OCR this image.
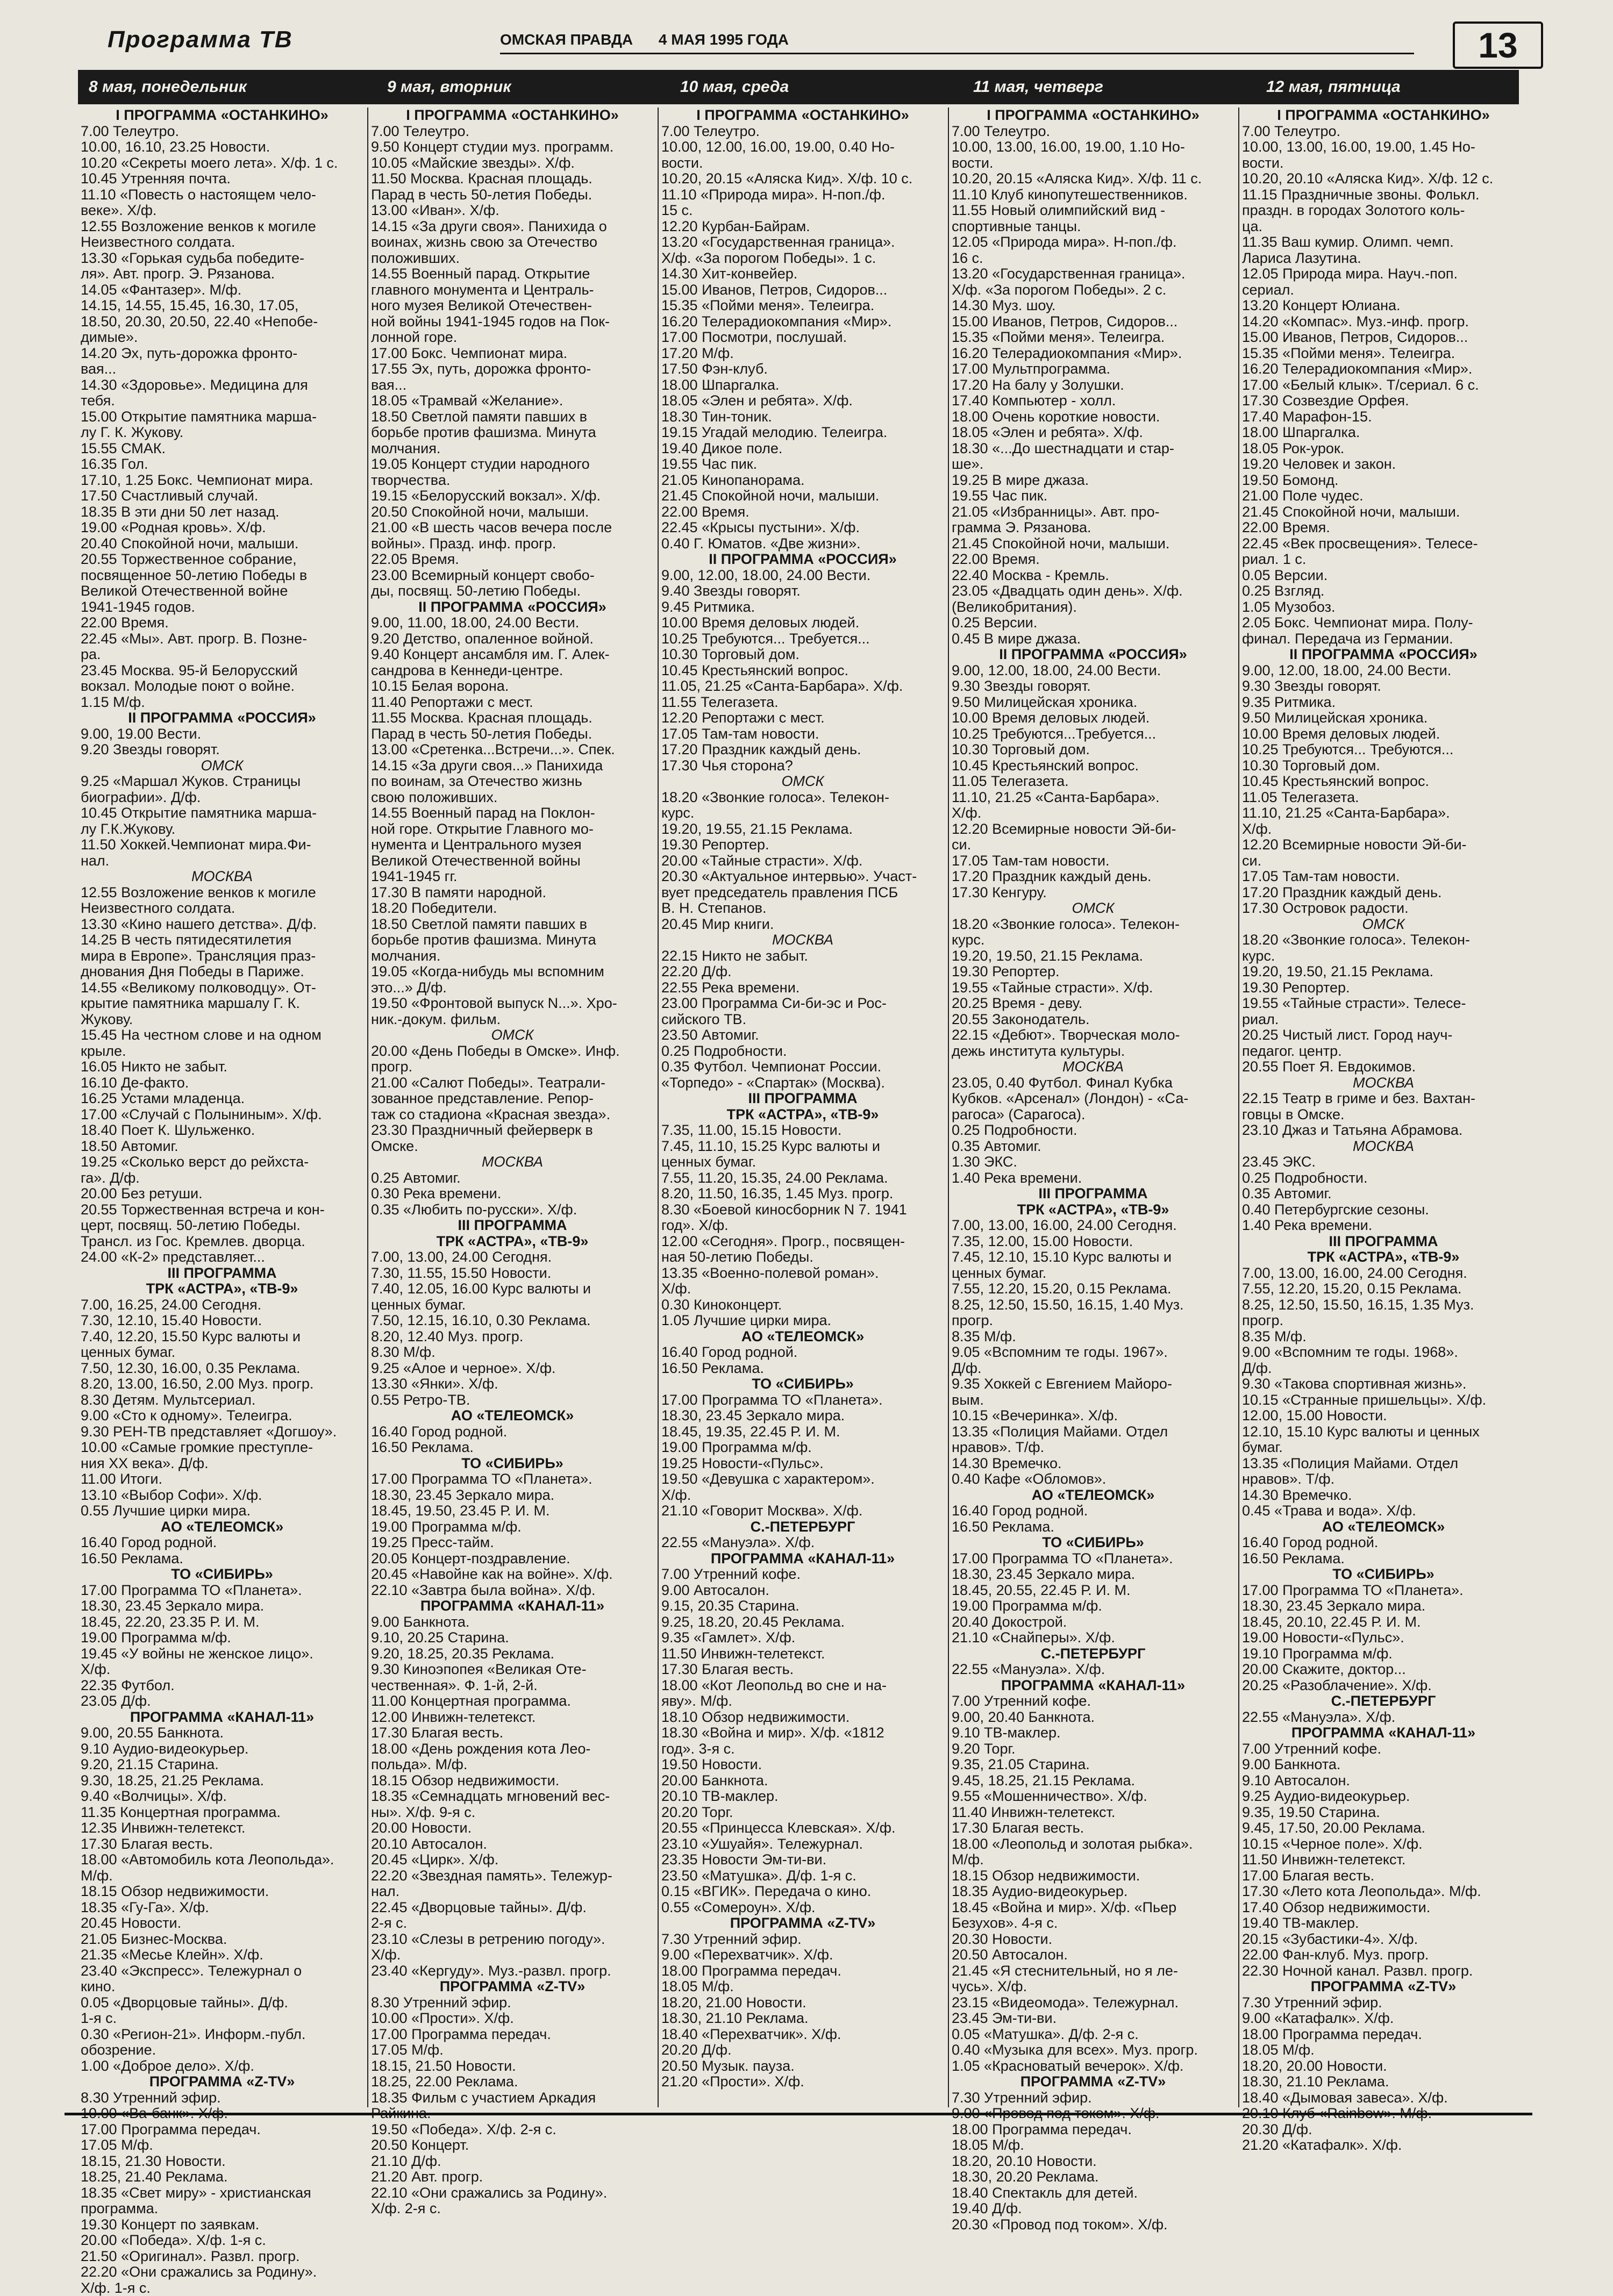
Программа ТВ	ОМСКАЯ ПРАВДА 4 МАЯ 1995 ГОДА	13
8 мая, понедельник	9 мая, вторник	10 мая, среда	11 мая, четверг	12 мая, пятница
I ПРОГРАММА «ОСТАНКИНО»
7.00 Телеутро.
10.00, 16.10, 23.25 Новости.
10.20 «Секреты моего лета». Х/ф. 1 с.
10.45 Утренняя почта.
11.10 «Повесть о настоящем чело-
веке». Х/ф.
12.55 Возложение венков к могиле
Неизвестного солдата.
13.30 «Горькая судьба победите-
ля». Авт. прогр. Э. Рязанова.
14.05 «Фантазер». М/ф.
14.15, 14.55, 15.45, 16.30, 17.05,
18.50, 20.30, 20.50, 22.40 «Непобе-
димые».
14.20 Эх, путь-дорожка фронто-
вая...
14.30 «Здоровье». Медицина для
тебя.
15.00 Открытие памятника марша-
лу Г. К. Жукову.
15.55 СМАК.
16.35 Гол.
17.10, 1.25 Бокс. Чемпионат мира.
17.50 Счастливый случай.
18.35 В эти дни 50 лет назад.
19.00 «Родная кровь». Х/ф.
20.40 Спокойной ночи, малыши.
20.55 Торжественное собрание,
посвященное 50-летию Победы в
Великой Отечественной войне
1941-1945 годов.
22.00 Время.
22.45 «Мы». Авт. прогр. В. Позне-
ра.
23.45 Москва. 95-й Белорусский
вокзал. Молодые поют о войне.
1.15 М/ф.
II ПРОГРАММА «РОССИЯ»
9.00, 19.00 Вести.
9.20 Звезды говорят.
ОМСК
9.25 «Маршал Жуков. Страницы
биографии». Д/ф.
10.45 Открытие памятника марша-
лу Г.К.Жукову.
11.50 Хоккей.Чемпионат мира.Фи-
нал.
МОСКВА
12.55 Возложение венков к могиле
Неизвестного солдата.
13.30 «Кино нашего детства». Д/ф.
14.25 В честь пятидесятилетия
мира в Европе». Трансляция праз-
днования Дня Победы в Париже.
14.55 «Великому полководцу». От-
крытие памятника маршалу Г. К.
Жукову.
15.45 На честном слове и на одном
крыле.
16.05 Никто не забыт.
16.10 Де-факто.
16.25 Устами младенца.
17.00 «Случай с Полыниным». Х/ф.
18.40 Поет К. Шульженко.
18.50 Автомиг.
19.25 «Сколько верст до рейхста-
га». Д/ф.
20.00 Без ретуши.
20.55 Торжественная встреча и кон-
церт, посвящ. 50-летию Победы.
Трансл. из Гос. Кремлев. дворца.
24.00 «К-2» представляет...
III ПРОГРАММА
ТРК «АСТРА», «ТВ-9»
7.00, 16.25, 24.00 Сегодня.
7.30, 12.10, 15.40 Новости.
7.40, 12.20, 15.50 Курс валюты и
ценных бумаг.
7.50, 12.30, 16.00, 0.35 Реклама.
8.20, 13.00, 16.50, 2.00 Муз. прогр.
8.30 Детям. Мультсериал.
9.00 «Сто к одному». Телеигра.
9.30 РЕН-ТВ представляет «Догшоу».
10.00 «Самые громкие преступле-
ния XX века». Д/ф.
11.00 Итоги.
13.10 «Выбор Софи». Х/ф.
0.55 Лучшие цирки мира.
АО «ТЕЛЕОМСК»
16.40 Город родной.
16.50 Реклама.
ТО «СИБИРЬ»
17.00 Программа ТО «Планета».
18.30, 23.45 Зеркало мира.
18.45, 22.20, 23.35 Р. И. М.
19.00 Программа м/ф.
19.45 «У войны не женское лицо».
Х/ф.
22.35 Футбол.
23.05 Д/ф.
ПРОГРАММА «КАНАЛ-11»
9.00, 20.55 Банкнота.
9.10 Аудио-видеокурьер.
9.20, 21.15 Старина.
9.30, 18.25, 21.25 Реклама.
9.40 «Волчицы». Х/ф.
11.35 Концертная программа.
12.35 Инвижн-телетекст.
17.30 Благая весть.
18.00 «Автомобиль кота Леопольда».
М/ф.
18.15 Обзор недвижимости.
18.35 «Гу-Га». Х/ф.
20.45 Новости.
21.05 Бизнес-Москва.
21.35 «Месье Клейн». Х/ф.
23.40 «Экспресс». Тележурнал о
кино.
0.05 «Дворцовые тайны». Д/ф.
1-я с.
0.30 «Регион-21». Информ.-публ.
обозрение.
1.00 «Доброе дело». Х/ф.
ПРОГРАММА «Z-TV»
8.30 Утренний эфир.
17.00 Программа передач.
17.05 М/ф.
18.15, 21.30 Новости.
18.25, 21.40 Реклама.
18.35 «Свет миру» - христианская
программа.
19.30 Концерт по заявкам.
20.00 «Победа». Х/ф. 1-я с.
21.50 «Оригинал». Развл. прогр.
22.20 «Они сражались за Родину».
Х/ф. 1-я с.
I ПРОГРАММА «ОСТАНКИНО»
7.00 Телеутро.
9.50 Концерт студии муз. программ.
10.05 «Майские звезды». Х/ф.
11.50 Москва. Красная площадь.
Парад в честь 50-летия Победы.
13.00 «Иван». Х/ф.
14.15 «За други своя». Панихида о
воинах, жизнь свою за Отечество
положивших.
14.55 Военный парад. Открытие
главного монумента и Централь-
ного музея Великой Отечествен-
ной войны 1941-1945 годов на Пок-
лонной горе.
17.00 Бокс. Чемпионат мира.
17.55 Эх, путь, дорожка фронто-
вая...
18.05 «Трамвай «Желание».
18.50 Светлой памяти павших в
борьбе против фашизма. Минута
молчания.
19.05 Концерт студии народного
творчества.
19.15 «Белорусский вокзал». Х/ф.
20.50 Спокойной ночи, малыши.
21.00 «В шесть часов вечера после
войны». Празд. инф. прогр.
22.05 Время.
23.00 Всемирный концерт свобо-
ды, посвящ. 50-летию Победы.
II ПРОГРАММА «РОССИЯ»
9.00, 11.00, 18.00, 24.00 Вести.
9.20 Детство, опаленное войной.
9.40 Концерт ансамбля им. Г. Алек-
сандрова в Кеннеди-центре.
10.15 Белая ворона.
11.40 Репортажи с мест.
11.55 Москва. Красная площадь.
Парад в честь 50-летия Победы.
13.00 «Сретенка...Встречи...». Спек.
14.15 «За други своя...» Панихида
по воинам, за Отечество жизнь
свою положивших.
14.55 Военный парад на Поклон-
ной горе. Открытие Главного мо-
нумента и Центрального музея
Великой Отечественной войны
1941-1945 гг.
17.30 В памяти народной.
18.20 Победители.
18.50 Светлой памяти павших в
борьбе против фашизма. Минута
молчания.
19.05 «Когда-нибудь мы вспомним
это...» Д/ф.
19.50 «Фронтовой выпуск N...». Хро-
ник.-докум. фильм.
ОМСК
20.00 «День Победы в Омске». Инф.
прогр.
21.00 «Салют Победы». Театрали-
зованное представление. Репор-
таж со стадиона «Красная звезда».
23.30 Праздничный фейерверк в
Омске.
МОСКВА
0.25 Автомиг.
0.30 Река времени.
0.35 «Любить по-русски». Х/ф.
III ПРОГРАММА
ТРК «АСТРА», «ТВ-9»
7.00, 13.00, 24.00 Сегодня.
7.30, 11.55, 15.50 Новости.
7.40, 12.05, 16.00 Курс валюты и
ценных бумаг.
7.50, 12.15, 16.10, 0.30 Реклама.
8.20, 12.40 Муз. прогр.
8.30 М/ф.
9.25 «Алое и черное». Х/ф.
13.30 «Янки». Х/ф.
0.55 Ретро-ТВ.
АО «ТЕЛЕОМСК»
16.40 Город родной.
16.50 Реклама.
ТО «СИБИРЬ»
17.00 Программа ТО «Планета».
18.30, 23.45 Зеркало мира.
18.45, 19.50, 23.45 Р. И. М.
19.00 Программа м/ф.
19.25 Пресс-тайм.
20.05 Концерт-поздравление.
20.45 «Навойне как на войне». Х/ф.
22.10 «Завтра была война». Х/ф.
ПРОГРАММА «КАНАЛ-11»
9.00 Банкнота.
9.10, 20.25 Старина.
9.20, 18.25, 20.35 Реклама.
9.30 Киноэпопея «Великая Оте-
чественная». Ф. 1-й, 2-й.
11.00 Концертная программа.
12.00 Инвижн-телетекст.
17.30 Благая весть.
18.00 «День рождения кота Лео-
польда». М/ф.
18.15 Обзор недвижимости.
18.35 «Семнадцать мгновений вес-
ны». Х/ф. 9-я с.
20.00 Новости.
20.10 Автосалон.
20.45 «Цирк». Х/ф.
22.20 «Звездная память». Тележур-
нал.
22.45 «Дворцовые тайны». Д/ф.
2-я с.
23.10 «Слезы в ретрению погоду».
Х/ф.
23.40 «Кергуду». Муз.-развл. прогр.
ПРОГРАММА «Z-TV»
8.30 Утренний эфир.
10.00 «Прости». Х/ф.
17.00 Программа передач.
17.05 М/ф.
18.15, 21.50 Новости.
18.25, 22.00 Реклама.
18.35 Фильм с участием Аркадия
19.50 «Победа». Х/ф. 2-я с.
20.50 Концерт.
21.10 Д/ф.
21.20 Авт. прогр.
22.10 «Они сражались за Родину».
Х/ф. 2-я с.
I ПРОГРАММА «ОСТАНКИНО»
7.00 Телеутро.
10.00, 12.00, 16.00, 19.00, 0.40 Но-
вости.
10.20, 20.15 «Аляска Кид». Х/ф. 10 с.
11.10 «Природа мира». Н-поп./ф.
15 с.
12.20 Курбан-Байрам.
13.20 «Государственная граница».
Х/ф. «За порогом Победы». 1 с.
14.30 Хит-конвейер.
15.00 Иванов, Петров, Сидоров...
15.35 «Пойми меня». Телеигра.
16.20 Телерадиокомпания «Мир».
17.00 Посмотри, послушай.
17.20 М/ф.
17.50 Фэн-клуб.
18.00 Шпаргалка.
18.05 «Элен и ребята». Х/ф.
18.30 Тин-тоник.
19.15 Угадай мелодию. Телеигра.
19.40 Дикое поле.
19.55 Час пик.
21.05 Кинопанорама.
21.45 Спокойной ночи, малыши.
22.00 Время.
22.45 «Крысы пустыни». Х/ф.
0.40 Г. Юматов. «Две жизни».
II ПРОГРАММА «РОССИЯ»
9.00, 12.00, 18.00, 24.00 Вести.
9.40 Звезды говорят.
9.45 Ритмика.
10.00 Время деловых людей.
10.25 Требуются... Требуется...
10.30 Торговый дом.
10.45 Крестьянский вопрос.
11.05, 21.25 «Санта-Барбара». Х/ф.
11.55 Телегазета.
12.20 Репортажи с мест.
17.05 Там-там новости.
17.20 Праздник каждый день.
17.30 Чья сторона?
ОМСК
18.20 «Звонкие голоса». Телекон-
курс.
19.20, 19.55, 21.15 Реклама.
19.30 Репортер.
20.00 «Тайные страсти». Х/ф.
20.30 «Актуальное интервью». Участ-
вует председатель правления ПСБ
В. Н. Степанов.
20.45 Мир книги.
МОСКВА
22.15 Никто не забыт.
22.20 Д/ф.
22.55 Река времени.
23.00 Программа Си-би-эс и Рос-
сийского ТВ.
23.50 Автомиг.
0.25 Подробности.
0.35 Футбол. Чемпионат России.
«Торпедо» - «Спартак» (Москва).
III ПРОГРАММА
ТРК «АСТРА», «ТВ-9»
7.35, 11.00, 15.15 Новости.
7.45, 11.10, 15.25 Курс валюты и
ценных бумаг.
7.55, 11.20, 15.35, 24.00 Реклама.
8.20, 11.50, 16.35, 1.45 Муз. прогр.
8.30 «Боевой киносборник N 7. 1941
год». Х/ф.
12.00 «Сегодня». Прогр., посвящен-
ная 50-летию Победы.
13.35 «Военно-полевой роман».
Х/ф.
0.30 Киноконцерт.
1.05 Лучшие цирки мира.
АО «ТЕЛЕОМСК»
16.40 Город родной.
16.50 Реклама.
ТО «СИБИРЬ»
17.00 Программа ТО «Планета».
18.30, 23.45 Зеркало мира.
18.45, 19.35, 22.45 Р. И. М.
19.00 Программа м/ф.
19.25 Новости-«Пульс».
19.50 «Девушка с характером».
Х/ф.
21.10 «Говорит Москва». Х/ф.
С.-ПЕТЕРБУРГ
22.55 «Мануэла». Х/ф.
ПРОГРАММА «КАНАЛ-11»
7.00 Утренний кофе.
9.00 Автосалон.
9.15, 20.35 Старина.
9.25, 18.20, 20.45 Реклама.
9.35 «Гамлет». Х/ф.
11.50 Инвижн-телетекст.
17.30 Благая весть.
18.00 «Кот Леопольд во сне и на-
яву». М/ф.
18.10 Обзор недвижимости.
18.30 «Война и мир». Х/ф. «1812
год». 3-я с.
19.50 Новости.
20.00 Банкнота.
20.10 ТВ-маклер.
20.20 Торг.
20.55 «Принцесса Клевская». Х/ф.
23.10 «Ушуайя». Тележурнал.
23.35 Новости Эм-ти-ви.
23.50 «Матушка». Д/ф. 1-я с.
0.15 «ВГИК». Передача о кино.
0.55 «Сомероун». Х/ф.
ПРОГРАММА «Z-TV»
7.30 Утренний эфир.
9.00 «Перехватчик». Х/ф.
18.00 Программа передач.
18.05 М/ф.
18.20, 21.00 Новости.
18.30, 21.10 Реклама.
18.40 «Перехватчик». Х/ф.
20.20 Д/ф.
20.50 Музык. пауза.
21.20 «Прости». Х/ф.
I ПРОГРАММА «ОСТАНКИНО»
7.00 Телеутро.
10.00, 13.00, 16.00, 19.00, 1.10 Но-
вости.
10.20, 20.15 «Аляска Кид». Х/ф. 11 с.
11.10 Клуб кинопутешественников.
11.55 Новый олимпийский вид -
спортивные танцы.
12.05 «Природа мира». Н-поп./ф.
16 с.
13.20 «Государственная граница».
Х/ф. «За порогом Победы». 2 с.
14.30 Муз. шоу.
15.00 Иванов, Петров, Сидоров...
15.35 «Пойми меня». Телеигра.
16.20 Телерадиокомпания «Мир».
17.00 Мультпрограмма.
17.20 На балу у Золушки.
17.40 Компьютер - холл.
18.00 Очень короткие новости.
18.05 «Элен и ребята». Х/ф.
18.30 «...До шестнадцати и стар-
ше».
19.25 В мире джаза.
19.55 Час пик.
21.05 «Избранницы». Авт. про-
грамма Э. Рязанова.
21.45 Спокойной ночи, малыши.
22.00 Время.
22.40 Москва - Кремль.
23.05 «Двадцать один день». Х/ф.
(Великобритания).
0.25 Версии.
0.45 В мире джаза.
II ПРОГРАММА «РОССИЯ»
9.00, 12.00, 18.00, 24.00 Вести.
9.30 Звезды говорят.
9.50 Милицейская хроника.
10.00 Время деловых людей.
10.25 Требуются...Требуется...
10.30 Торговый дом.
10.45 Крестьянский вопрос.
11.05 Телегазета.
11.10, 21.25 «Санта-Барбара».
Х/ф.
12.20 Всемирные новости Эй-би-
си.
17.05 Там-там новости.
17.20 Праздник каждый день.
17.30 Кенгуру.
ОМСК
18.20 «Звонкие голоса». Телекон-
курс.
19.20, 19.50, 21.15 Реклама.
19.30 Репортер.
19.55 «Тайные страсти». Х/ф.
20.25 Время - деву.
20.55 Законодатель.
22.15 «Дебют». Творческая моло-
дежь института культуры.
МОСКВА
23.05, 0.40 Футбол. Финал Кубка
Кубков. «Арсенал» (Лондон) - «Са-
рагоса» (Сарагоса).
0.25 Подробности.
0.35 Автомиг.
1.30 ЭКС.
1.40 Река времени.
III ПРОГРАММА
ТРК «АСТРА», «ТВ-9»
7.00, 13.00, 16.00, 24.00 Сегодня.
7.35, 12.00, 15.00 Новости.
7.45, 12.10, 15.10 Курс валюты и
ценных бумаг.
7.55, 12.20, 15.20, 0.15 Реклама.
8.25, 12.50, 15.50, 16.15, 1.40 Муз.
прогр.
8.35 М/ф.
9.05 «Вспомним те годы. 1967».
Д/ф.
9.35 Хоккей с Евгением Майоро-
вым.
10.15 «Вечеринка». Х/ф.
13.35 «Полиция Майами. Отдел
нравов». Т/ф.
14.30 Времечко.
0.40 Кафе «Обломов».
АО «ТЕЛЕОМСК»
16.40 Город родной.
16.50 Реклама.
ТО «СИБИРЬ»
17.00 Программа ТО «Планета».
18.30, 23.45 Зеркало мира.
18.45, 20.55, 22.45 Р. И. М.
19.00 Программа м/ф.
20.40 Докострой.
21.10 «Снайперы». Х/ф.
С.-ПЕТЕРБУРГ
22.55 «Мануэла». Х/ф.
ПРОГРАММА «КАНАЛ-11»
7.00 Утренний кофе.
9.00, 20.40 Банкнота.
9.10 ТВ-маклер.
9.20 Торг.
9.35, 21.05 Старина.
9.45, 18.25, 21.15 Реклама.
9.55 «Мошенничество». Х/ф.
11.40 Инвижн-телетекст.
17.30 Благая весть.
18.00 «Леопольд и золотая рыбка».
М/ф.
18.15 Обзор недвижимости.
18.35 Аудио-видеокурьер.
18.45 «Война и мир». Х/ф. «Пьер
Безухов». 4-я с.
20.30 Новости.
20.50 Автосалон.
21.45 «Я стеснительный, но я ле-
чусь». Х/ф.
23.15 «Видеомода». Тележурнал.
23.45 Эм-ти-ви.
0.05 «Матушка». Д/ф. 2-я с.
0.40 «Музыка для всех». Муз. прогр.
1.05 «Красноватый вечерок». Х/ф.
ПРОГРАММА «Z-TV»
7.30 Утренний эфир.
18.00 Программа передач.
18.05 М/ф.
18.20, 20.10 Новости.
18.30, 20.20 Реклама.
18.40 Спектакль для детей.
19.40 Д/ф.
20.30 «Провод под током». Х/ф.
I ПРОГРАММА «ОСТАНКИНО»
7.00 Телеутро.
10.00, 13.00, 16.00, 19.00, 1.45 Но-
вости.
10.20, 20.10 «Аляска Кид». Х/ф. 12 с.
11.15 Праздничные звоны. Фолькл.
праздн. в городах Золотого коль-
ца.
11.35 Ваш кумир. Олимп. чемп.
Лариса Лазутина.
12.05 Природа мира. Науч.-поп.
сериал.
13.20 Концерт Юлиана.
14.20 «Компас». Муз.-инф. прогр.
15.00 Иванов, Петров, Сидоров...
15.35 «Пойми меня». Телеигра.
16.20 Телерадиокомпания «Мир».
17.00 «Белый клык». Т/сериал. 6 с.
17.30 Созвездие Орфея.
17.40 Марафон-15.
18.00 Шпаргалка.
18.05 Рок-урок.
19.20 Человек и закон.
19.50 Бомонд.
21.00 Поле чудес.
21.45 Спокойной ночи, малыши.
22.00 Время.
22.45 «Век просвещения». Телесе-
риал. 1 с.
0.05 Версии.
0.25 Взгляд.
1.05 Музобоз.
2.05 Бокс. Чемпионат мира. Полу-
финал. Передача из Германии.
II ПРОГРАММА «РОССИЯ»
9.00, 12.00, 18.00, 24.00 Вести.
9.30 Звезды говорят.
9.35 Ритмика.
9.50 Милицейская хроника.
10.00 Время деловых людей.
10.25 Требуются... Требуются...
10.30 Торговый дом.
10.45 Крестьянский вопрос.
11.05 Телегазета.
11.10, 21.25 «Санта-Барбара».
Х/ф.
12.20 Всемирные новости Эй-би-
си.
17.05 Там-там новости.
17.20 Праздник каждый день.
17.30 Островок радости.
ОМСК
18.20 «Звонкие голоса». Телекон-
курс.
19.20, 19.50, 21.15 Реклама.
19.30 Репортер.
19.55 «Тайные страсти». Телесе-
риал.
20.25 Чистый лист. Город науч-
педагог. центр.
20.55 Поет Я. Евдокимов.
МОСКВА
22.15 Театр в гриме и без. Вахтан-
говцы в Омске.
23.10 Джаз и Татьяна Абрамова.
МОСКВА
23.45 ЭКС.
0.25 Подробности.
0.35 Автомиг.
0.40 Петербургские сезоны.
1.40 Река времени.
III ПРОГРАММА
ТРК «АСТРА», «ТВ-9»
7.00, 13.00, 16.00, 24.00 Сегодня.
7.55, 12.20, 15.20, 0.15 Реклама.
8.25, 12.50, 15.50, 16.15, 1.35 Муз.
прогр.
8.35 М/ф.
9.00 «Вспомним те годы. 1968».
Д/ф.
9.30 «Такова спортивная жизнь».
10.15 «Странные пришельцы». Х/ф.
12.00, 15.00 Новости.
12.10, 15.10 Курс валюты и ценных
бумаг.
13.35 «Полиция Майами. Отдел
нравов». Т/ф.
14.30 Времечко.
0.45 «Трава и вода». Х/ф.
АО «ТЕЛЕОМСК»
16.40 Город родной.
16.50 Реклама.
ТО «СИБИРЬ»
17.00 Программа ТО «Планета».
18.30, 23.45 Зеркало мира.
18.45, 20.10, 22.45 Р. И. М.
19.00 Новости-«Пульс».
19.10 Программа м/ф.
20.00 Скажите, доктор...
20.25 «Разоблачение». Х/ф.
С.-ПЕТЕРБУРГ
22.55 «Мануэла». Х/ф.
ПРОГРАММА «КАНАЛ-11»
7.00 Утренний кофе.
9.00 Банкнота.
9.10 Автосалон.
9.25 Аудио-видеокурьер.
9.35, 19.50 Старина.
9.45, 17.50, 20.00 Реклама.
10.15 «Черное поле». Х/ф.
11.50 Инвижн-телетекст.
17.00 Благая весть.
17.30 «Лето кота Леопольда». М/ф.
17.40 Обзор недвижимости.
19.40 ТВ-маклер.
20.15 «Зубастики-4». Х/ф.
22.00 Фан-клуб. Муз. прогр.
22.30 Ночной канал. Развл. прогр.
ПРОГРАММА «Z-TV»
7.30 Утренний эфир.
9.00 «Катафалк». Х/ф.
18.00 Программа передач.
18.05 М/ф.
18.20, 20.00 Новости.
18.30, 21.10 Реклама.
18.40 «Дымовая завеса». Х/ф.
20.30 Д/ф.
21.20 «Катафалк». Х/ф.
